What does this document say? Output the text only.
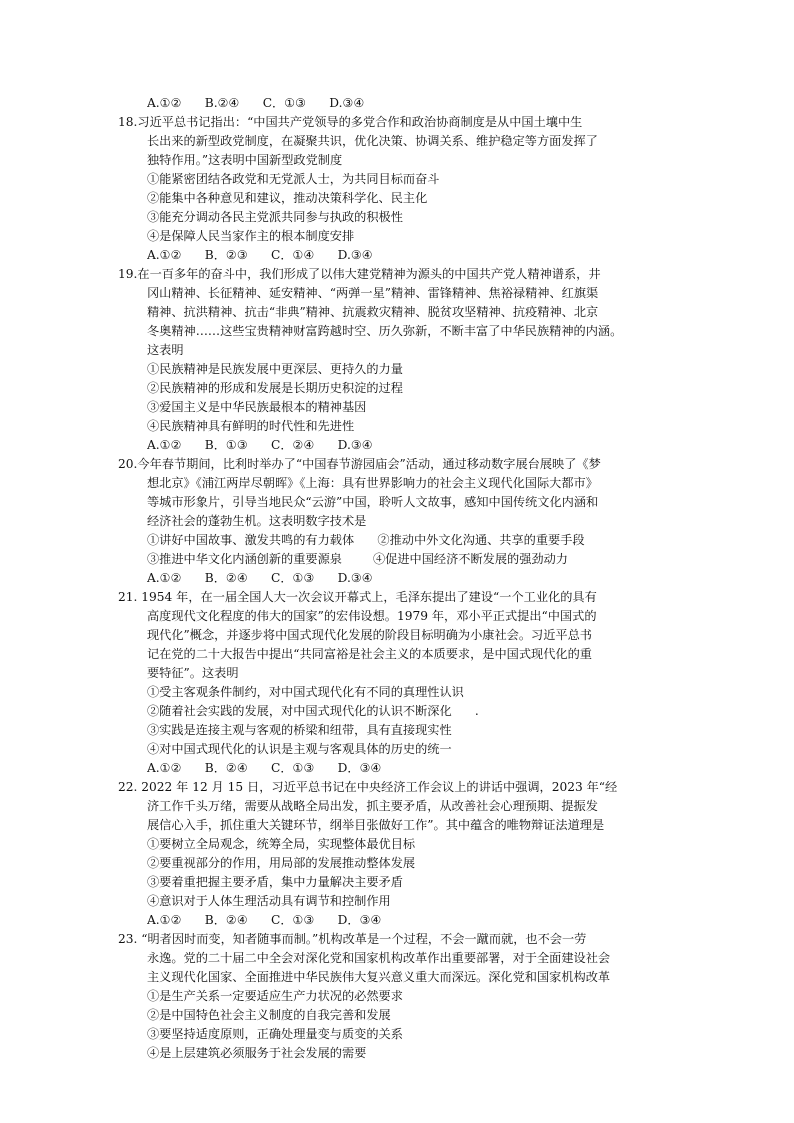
A.①②      B.②④      C．①③      D.③④
18.习近平总书记指出：“中国共产党领导的多党合作和政治协商制度是从中国土壤中生
长出来的新型政党制度，在凝聚共识，优化决策、协调关系、维护稳定等方面发挥了
独特作用。”这表明中国新型政党制度
①能紧密团结各政党和无党派人士，为共同目标而奋斗
②能集中各种意见和建议，推动决策科学化、民主化
③能充分调动各民主党派共同参与执政的积极性
④是保障人民当家作主的根本制度安排
A.①②      B．②③      C．①④      D.③④
19.在一百多年的奋斗中，我们形成了以伟大建党精神为源头的中国共产党人精神谱系，井
冈山精神、长征精神、延安精神、“两弹一星”精神、雷锋精神、焦裕禄精神、红旗渠
精神、抗洪精神、抗击“非典”精神、抗震救灾精神、脱贫攻坚精神、抗疫精神、北京
冬奥精神……这些宝贵精神财富跨越时空、历久弥新，不断丰富了中华民族精神的内涵。
这表明
①民族精神是民族发展中更深层、更持久的力量
②民族精神的形成和发展是长期历史积淀的过程
③爱国主义是中华民族最根本的精神基因
④民族精神具有鲜明的时代性和先进性
A.①②      B．①③      C．②④      D.③④
20.今年春节期间，比利时举办了“中国春节游园庙会”活动，通过移动数字展台展映了《梦
想北京》《浦江两岸尽朝晖》《上海：具有世界影响力的社会主义现代化国际大都市》
等城市形象片，引导当地民众“云游”中国，聆听人文故事，感知中国传统文化内涵和
经济社会的蓬勃生机。这表明数字技术是
①讲好中国故事、激发共鸣的有力载体      ②推动中外文化沟通、共享的重要手段
③推进中华文化内涵创新的重要源泉        ④促进中国经济不断发展的强劲动力
A.①②      B．②④      C．①③      D.③④
21. 1954 年，在一届全国人大一次会议开幕式上，毛泽东提出了建设“一个工业化的具有
高度现代文化程度的伟大的国家”的宏伟设想。1979 年，邓小平正式提出“中国式的
现代化”概念，并逐步将中国式现代化发展的阶段目标明确为小康社会。习近平总书
记在党的二十大报告中提出“共同富裕是社会主义的本质要求，是中国式现代化的重
要特征”。这表明
①受主客观条件制约，对中国式现代化有不同的真理性认识
②随着社会实践的发展，对中国式现代化的认识不断深化      .
③实践是连接主观与客观的桥梁和纽带，具有直接现实性
④对中国式现代化的认识是主观与客观具体的历史的统一
A.①②      B．②④      C．①③      D．③④
22. 2022 年 12 月 15 日，习近平总书记在中央经济工作会议上的讲话中强调，2023 年“经
济工作千头万绪，需要从战略全局出发，抓主要矛盾，从改善社会心理预期、提振发
展信心入手，抓住重大关键环节，纲举目张做好工作”。其中蕴含的唯物辩证法道理是
①要树立全局观念，统筹全局，实现整体最优目标
②要重视部分的作用，用局部的发展推动整体发展
③要着重把握主要矛盾，集中力量解决主要矛盾
④意识对于人体生理活动具有调节和控制作用
A.①②      B．②④      C．①③      D．③④
23. “明者因时而变，知者随事而制。”机构改革是一个过程，不会一蹴而就，也不会一劳
永逸。党的二十届二中全会对深化党和国家机构改革作出重要部署，对于全面建设社会
主义现代化国家、全面推进中华民族伟大复兴意义重大而深远。深化党和国家机构改革
①是生产关系一定要适应生产力状况的必然要求
②是中国特色社会主义制度的自我完善和发展
③要坚持适度原则，正确处理量变与质变的关系
④是上层建筑必须服务于社会发展的需要
